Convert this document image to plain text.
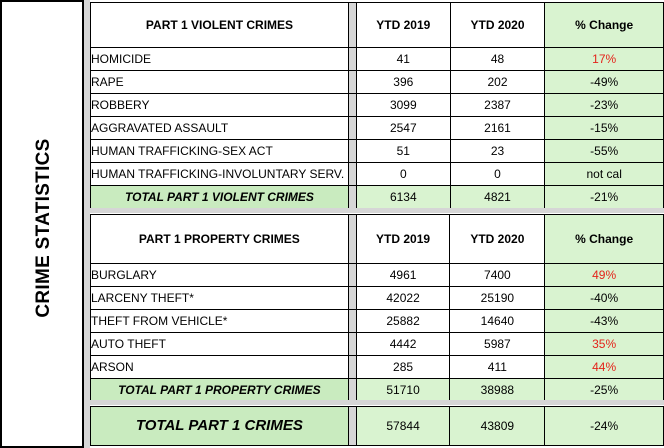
CRIME STATISTICS
PART 1 VIOLENT CRIMES		YTD 2019	YTD 2020	% Change
HOMICIDE		41	48	17%
RAPE		396	202	-49%
ROBBERY		3099	2387	-23%
AGGRAVATED ASSAULT		2547	2161	-15%
HUMAN TRAFFICKING-SEX ACT		51	23	-55%
HUMAN TRAFFICKING-INVOLUNTARY SERV.		0	0	not cal
TOTAL PART 1 VIOLENT CRIMES		6134	4821	-21%
PART 1 PROPERTY CRIMES		YTD 2019	YTD 2020	% Change
BURGLARY		4961	7400	49%
LARCENY THEFT*		42022	25190	-40%
THEFT FROM VEHICLE*		25882	14640	-43%
AUTO THEFT		4442	5987	35%
ARSON		285	411	44%
TOTAL PART 1 PROPERTY CRIMES		51710	38988	-25%
TOTAL PART 1 CRIMES		57844	43809	-24%
